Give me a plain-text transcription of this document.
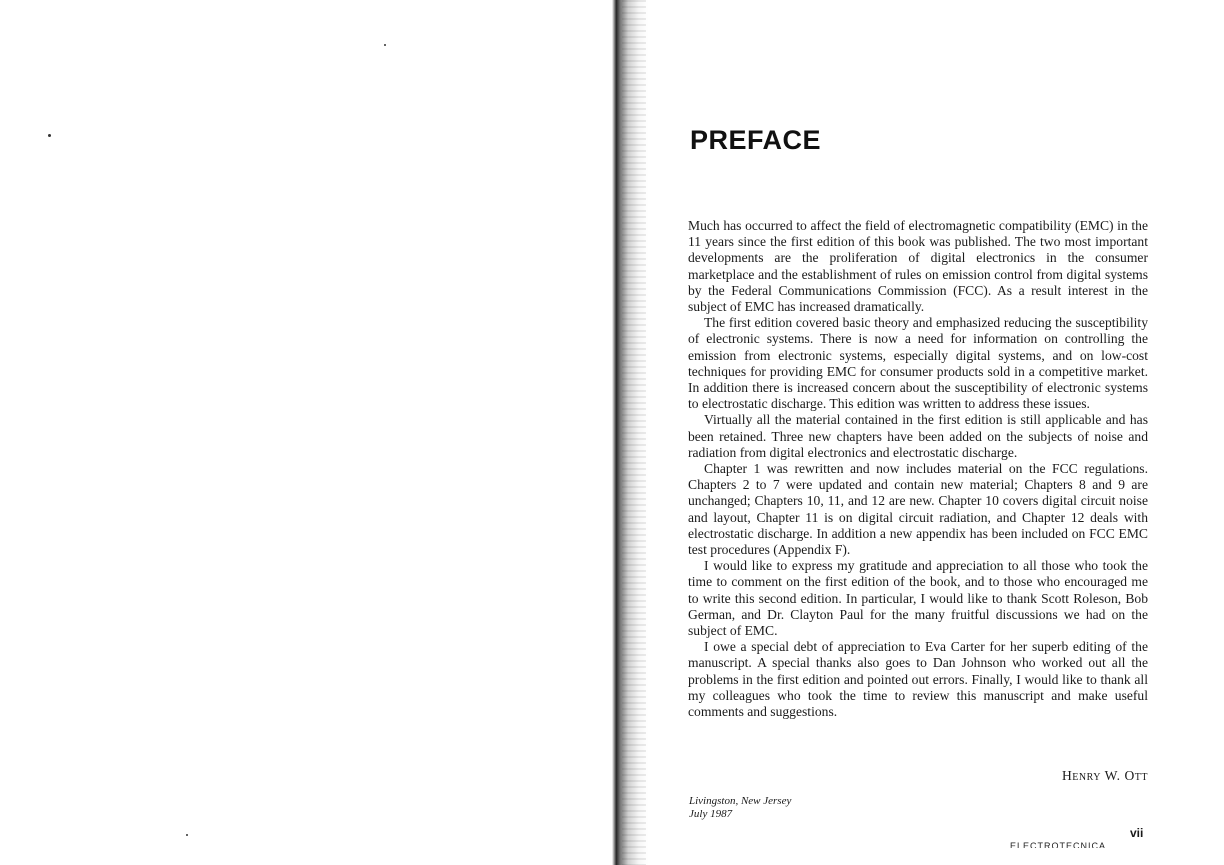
PREFACE

Much has occurred to affect the field of electromagnetic compatibility (EMC) in the 11 years since the first edition of this book was published. The two most important developments are the proliferation of digital electronics in the consumer marketplace and the establishment of rules on emission control from digital systems by the Federal Communications Commission (FCC). As a result interest in the subject of EMC has increased dramatically.

The first edition covered basic theory and emphasized reducing the susceptibility of electronic systems. There is now a need for information on controlling the emission from electronic systems, especially digital systems, and on low-cost techniques for providing EMC for consumer products sold in a competitive market. In addition there is increased concern about the susceptibility of electronic systems to electrostatic discharge. This edition was written to address these issues.

Virtually all the material contained in the first edition is still applicable and has been retained. Three new chapters have been added on the subjects of noise and radiation from digital electronics and electrostatic discharge.

Chapter 1 was rewritten and now includes material on the FCC regulations. Chapters 2 to 7 were updated and contain new material; Chapters 8 and 9 are unchanged; Chapters 10, 11, and 12 are new. Chapter 10 covers digital circuit noise and layout, Chapter 11 is on digital circuit radiation, and Chapter 12 deals with electrostatic discharge. In addition a new appendix has been included on FCC EMC test procedures (Appendix F).

I would like to express my gratitude and appreciation to all those who took the time to comment on the first edition of the book, and to those who encouraged me to write this second edition. In particular, I would like to thank Scott Roleson, Bob German, and Dr. Clayton Paul for the many fruitful discussions we had on the subject of EMC.

I owe a special debt of appreciation to Eva Carter for her superb editing of the manuscript. A special thanks also goes to Dan Johnson who worked out all the problems in the first edition and pointed out errors. Finally, I would like to thank all my colleagues who took the time to review this manuscript and make useful comments and suggestions.

Henry W. Ott
Livingston, New Jersey
July 1987
vii
ELECTROTÉCNICA
